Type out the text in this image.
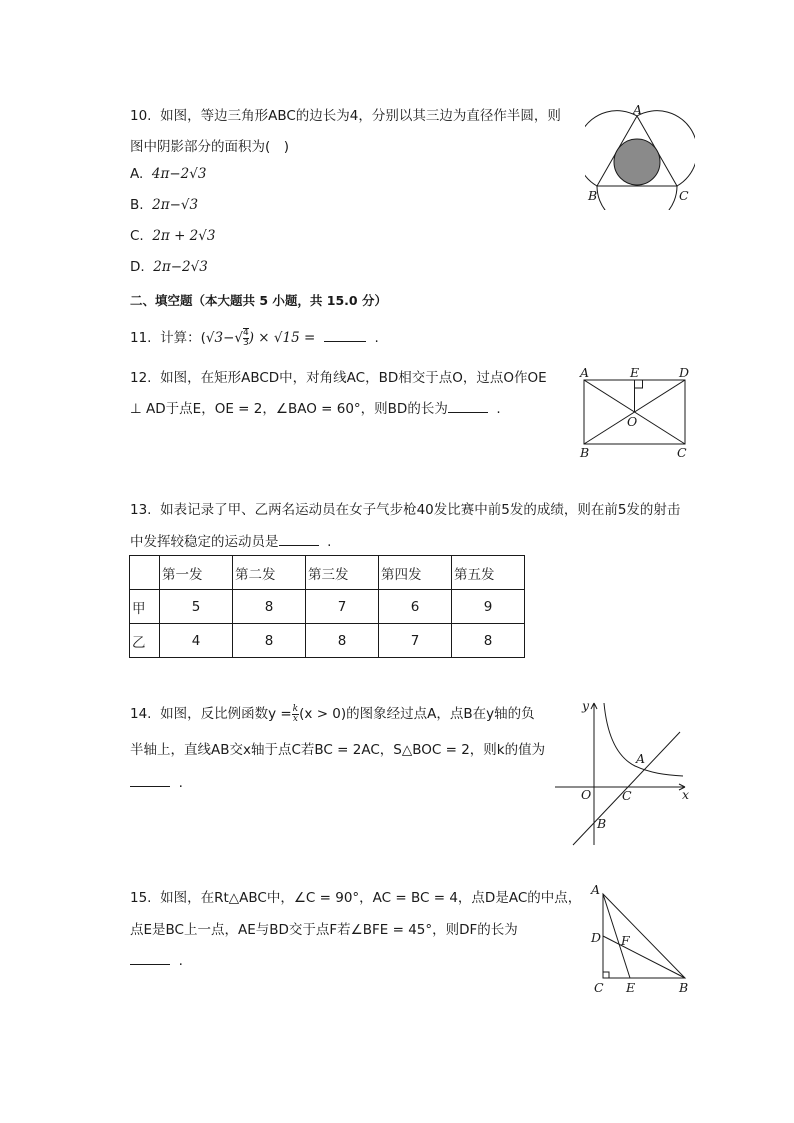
10. 如图，等边三角形ABC的边长为4，分别以其三边为直径作半圆，则
图中阴影部分的面积为(　)
A. 4π−2√3
B. 2π−√3
C. 2π + 2√3
D. 2π−2√3
A
B	C
二、填空题（本大题共 5 小题，共 15.0 分）
11. 计算：($√3-√ \frac{4}{3}$ ) × √15 =	.
12. 如图，在矩形ABCD中，对角线AC，BD相交于点O，过点O作OE
⊥ AD于点E，OE = 2，∠BAO = 60°，则BD的长为	.
A	E	D
O
B	C
13. 如表记录了甲、乙两名运动员在女子气步枪40发比赛中前5发的成绩，则在前5发的射击
中发挥较稳定的运动员是	.
	第一发	第二发	第三发	第四发	第五发
甲	5	8	7	6	9
乙	4	8	8	7	8
14. 如图，反比例函数$y = \frac{k}{x} (x > 0)$的图象经过点A，点B在y轴的负
半轴上，直线AB交x轴于点C若BC = 2AC，S△BOC = 2，则k的值为
.
y
x
O
A
C
B
15. 如图，在Rt△ABC中，∠C = 90°，AC = BC = 4，点D是AC的中点，
点E是BC上一点，AE与BD交于点F若∠BFE = 45°，则DF的长为
.
A
D F
C E	B
